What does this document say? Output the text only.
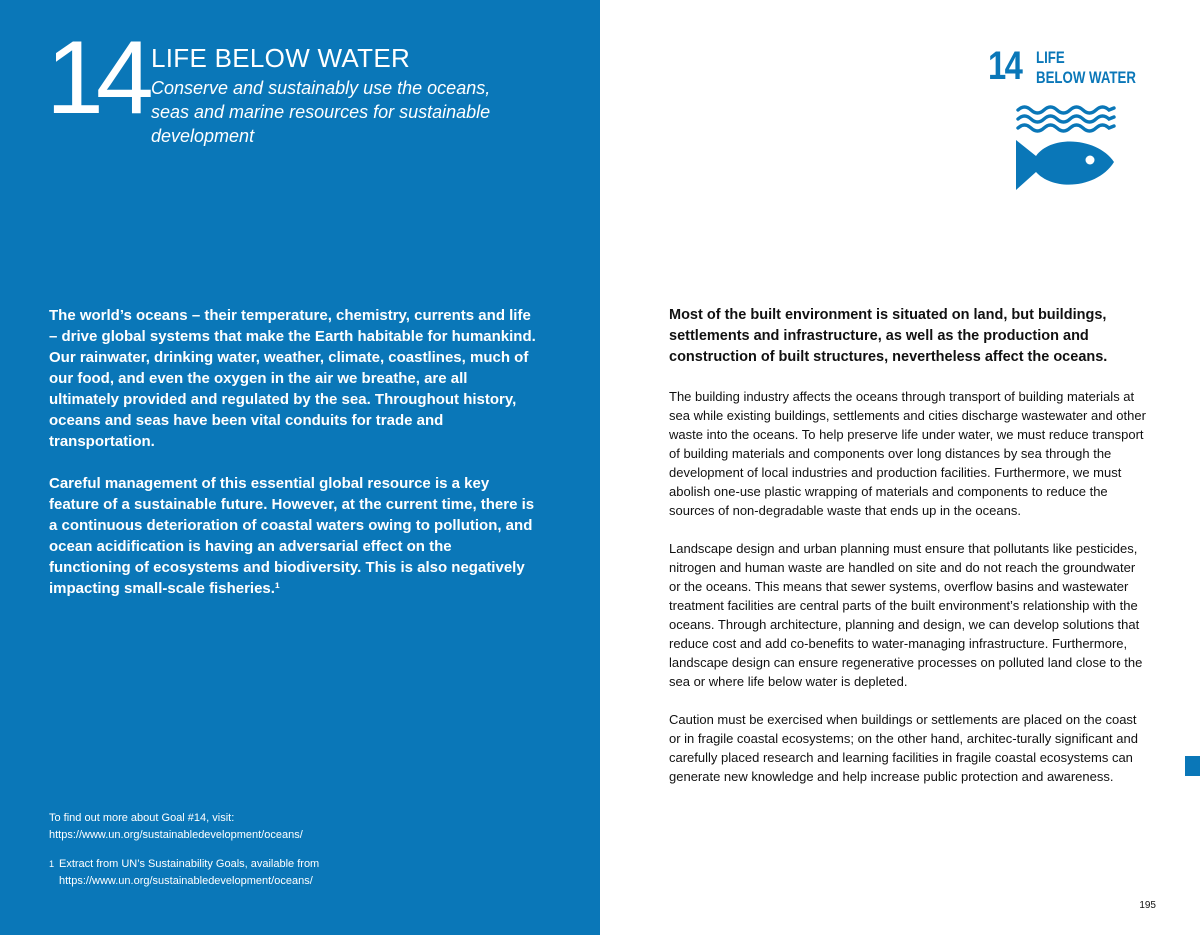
14 LIFE BELOW WATER
Conserve and sustainably use the oceans, seas and marine resources for sustainable development

The world’s oceans – their temperature, chemistry, currents and life – drive global systems that make the Earth habitable for humankind. Our rainwater, drinking water, weather, climate, coastlines, much of our food, and even the oxygen in the air we breathe, are all ultimately provided and regulated by the sea. Throughout history, oceans and seas have been vital conduits for trade and transportation.

Careful management of this essential global resource is a key feature of a sustainable future. However, at the current time, there is a continuous deterioration of coastal waters owing to pollution, and ocean acidification is having an adversarial effect on the functioning of ecosystems and biodiversity. This is also negatively impacting small-scale fisheries.¹

To find out more about Goal #14, visit:
https://www.un.org/sustainabledevelopment/oceans/
$^1$ Extract from UN’s Sustainability Goals, available from https://www.un.org/sustainabledevelopment/oceans/
14 LIFE
BELOW WATER
Most of the built environment is situated on land, but buildings, settlements and infrastructure, as well as the production and construction of built structures, nevertheless affect the oceans.

The building industry affects the oceans through transport of building materials at sea while existing buildings, settlements and cities discharge wastewater and other waste into the oceans. To help preserve life under water, we must reduce transport of building materials and components over long distances by sea through the development of local industries and production facilities. Furthermore, we must abolish one-use plastic wrapping of materials and components to reduce the sources of non-degradable waste that ends up in the oceans.

Landscape design and urban planning must ensure that pollutants like pesticides, nitrogen and human waste are handled on site and do not reach the groundwater or the oceans. This means that sewer systems, overflow basins and wastewater treatment facilities are central parts of the built environment’s relationship with the oceans. Through architecture, planning and design, we can develop solutions that reduce cost and add co-benefits to water-managing infrastructure. Furthermore, landscape design can ensure regenerative processes on polluted land close to the sea or where life below water is depleted.

Caution must be exercised when buildings or settlements are placed on the coast or in fragile coastal ecosystems; on the other hand, architec-turally significant and carefully placed research and learning facilities in fragile coastal ecosystems can generate new knowledge and help increase public protection and awareness.

195
